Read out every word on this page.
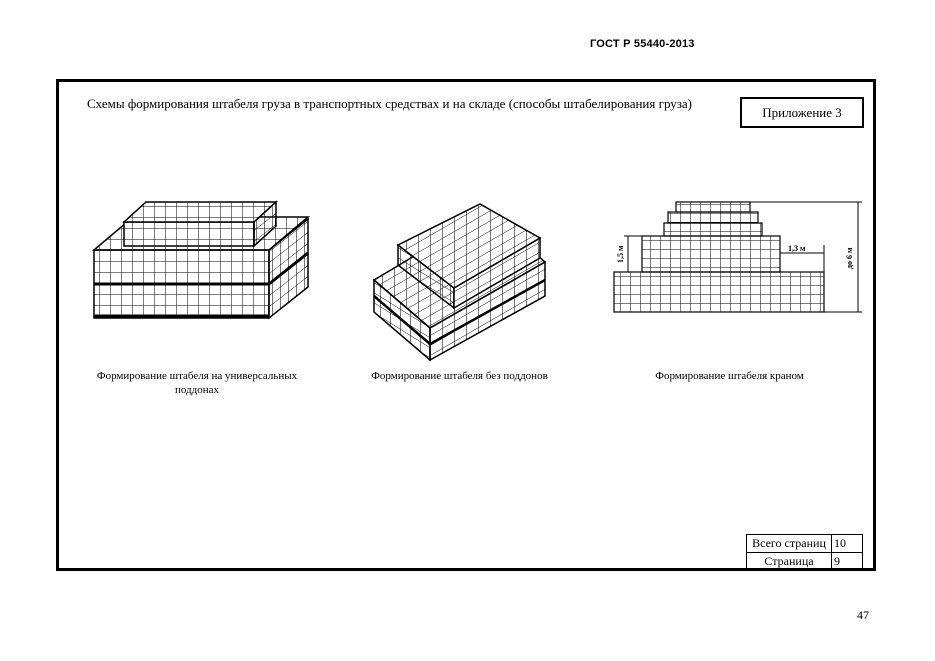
ГОСТ Р 55440-2013
Схемы формирования штабеля груза в транспортных средствах и на складе (способы штабелирования груза)
Приложение 3
Формирование штабеля на универсальных
поддонах
Формирование штабеля без поддонов
1,5 м	1,3 м	до 6 м
Формирование штабеля краном
Всего страниц	10
Страница	9
47
